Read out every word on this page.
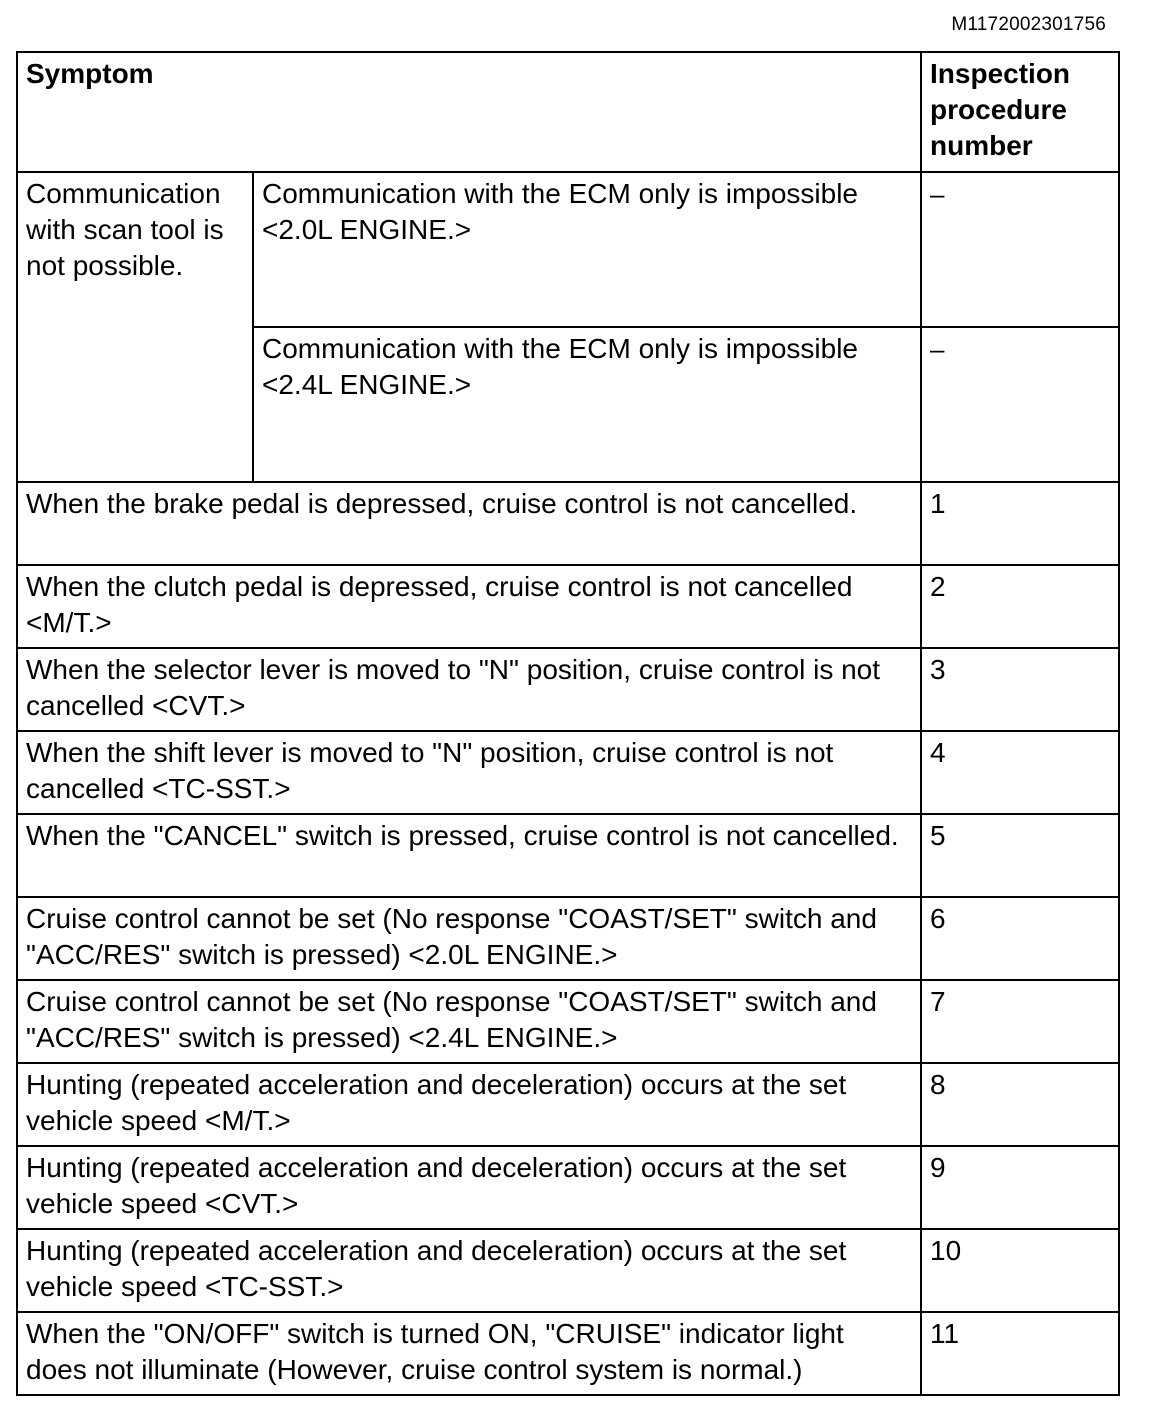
M1172002301756
Symptom		Inspection procedure number
Communication with scan tool is not possible.	Communication with the ECM only is impossible <2.0L ENGINE.>	–
	Communication with the ECM only is impossible <2.4L ENGINE.>	–
When the brake pedal is depressed, cruise control is not cancelled.		1
When the clutch pedal is depressed, cruise control is not cancelled <M/T.>		2
When the selector lever is moved to "N" position, cruise control is not cancelled <CVT.>		3
When the shift lever is moved to "N" position, cruise control is not cancelled <TC-SST.>		4
When the "CANCEL" switch is pressed, cruise control is not cancelled.		5
Cruise control cannot be set (No response "COAST/SET" switch and "ACC/RES" switch is pressed) <2.0L ENGINE.>		6
Cruise control cannot be set (No response "COAST/SET" switch and "ACC/RES" switch is pressed) <2.4L ENGINE.>		7
Hunting (repeated acceleration and deceleration) occurs at the set vehicle speed <M/T.>		8
Hunting (repeated acceleration and deceleration) occurs at the set vehicle speed <CVT.>		9
Hunting (repeated acceleration and deceleration) occurs at the set vehicle speed <TC-SST.>		10
When the "ON/OFF" switch is turned ON, "CRUISE" indicator light does not illuminate (However, cruise control system is normal.)		11
